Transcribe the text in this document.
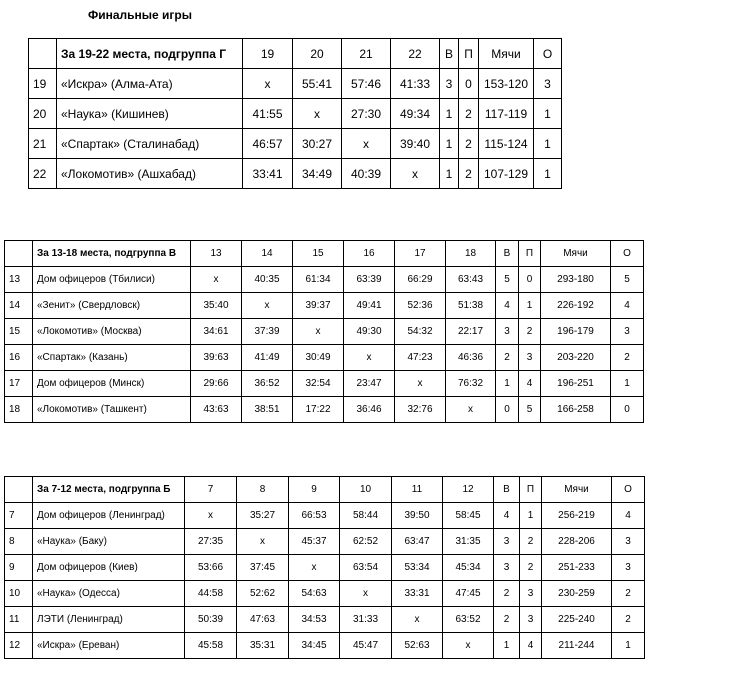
Финальные игры
	За 19-22 места, подгруппа Г	19	20	21	22	В	П	Мячи	О
19	«Искра» (Алма-Ата)	x	55:41	57:46	41:33	3	0	153-120	3
20	«Наука» (Кишинев)	41:55	x	27:30	49:34	1	2	117-119	1
21	«Спартак» (Сталинабад)	46:57	30:27	x	39:40	1	2	115-124	1
22	«Локомотив» (Ашхабад)	33:41	34:49	40:39	x	1	2	107-129	1
	За 13-18 места, подгруппа В	13	14	15	16	17	18	В	П	Мячи	О
13	Дом офицеров (Тбилиси)	x	40:35	61:34	63:39	66:29	63:43	5	0	293-180	5
14	«Зенит» (Свердловск)	35:40	x	39:37	49:41	52:36	51:38	4	1	226-192	4
15	«Локомотив» (Москва)	34:61	37:39	x	49:30	54:32	22:17	3	2	196-179	3
16	«Спартак» (Казань)	39:63	41:49	30:49	x	47:23	46:36	2	3	203-220	2
17	Дом офицеров (Минск)	29:66	36:52	32:54	23:47	x	76:32	1	4	196-251	1
18	«Локомотив» (Ташкент)	43:63	38:51	17:22	36:46	32:76	x	0	5	166-258	0
	За 7-12 места, подгруппа Б	7	8	9	10	11	12	В	П	Мячи	О
7	Дом офицеров (Ленинград)	x	35:27	66:53	58:44	39:50	58:45	4	1	256-219	4
8	«Наука» (Баку)	27:35	x	45:37	62:52	63:47	31:35	3	2	228-206	3
9	Дом офицеров (Киев)	53:66	37:45	x	63:54	53:34	45:34	3	2	251-233	3
10	«Наука» (Одесса)	44:58	52:62	54:63	x	33:31	47:45	2	3	230-259	2
11	ЛЭТИ (Ленинград)	50:39	47:63	34:53	31:33	x	63:52	2	3	225-240	2
12	«Искра» (Ереван)	45:58	35:31	34:45	45:47	52:63	x	1	4	211-244	1
